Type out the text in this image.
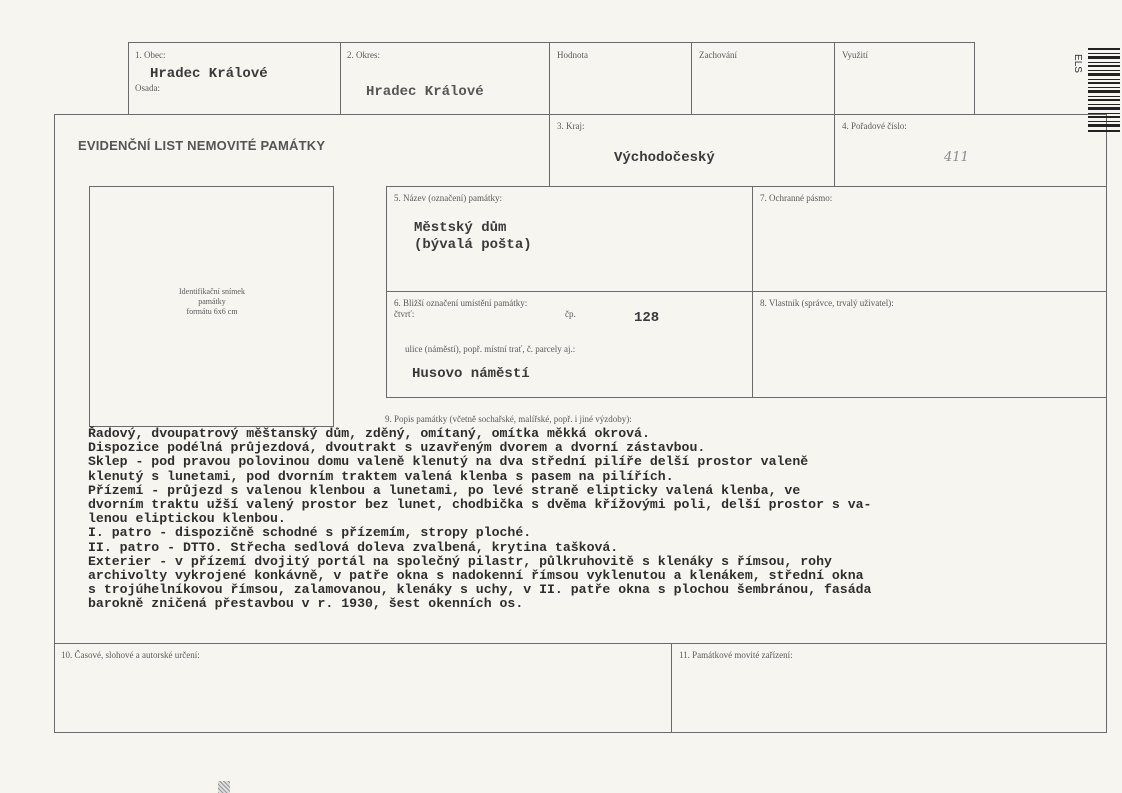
1. Obec:
Hradec Králové
Osada:
2. Okres:
Hradec Králové
Hodnota	Zachování	Využití
EVIDENČNÍ LIST NEMOVITÉ PAMÁTKY
3. Kraj:
Východočeský
4. Pořadové číslo:
411
Identifikační snímek
památky
formátu 6x6 cm
5. Název (označení) památky:
Městský dům
(bývalá pošta)
7. Ochranné pásmo:
6. Bližší označení umístění památky:
čtvrť:	čp.	128
ulice (náměstí), popř. místní trať, č. parcely aj.:
Husovo náměstí
8. Vlastník (správce, trvalý uživatel):
9. Popis památky (včetně sochařské, malířské, popř. i jiné výzdoby):
Řadový, dvoupatrový měštanský dům, zděný, omítaný, omítka měkká okrová.
Dispozice podélná průjezdová, dvoutrakt s uzavřeným dvorem a dvorní zástavbou.
Sklep - pod pravou polovinou domu valeně klenutý na dva střední pilíře delší prostor valeně
klenutý s lunetami, pod dvorním traktem valená klenba s pasem na pilířích.
Přízemí - průjezd s valenou klenbou a lunetami, po levé straně elipticky valená klenba, ve
dvorním traktu užší valený prostor bez lunet, chodbička s dvěma křížovými poli, delší prostor s va-
lenou eliptickou klenbou.
I. patro - dispozičně schodné s přízemím, stropy ploché.
II. patro - DTTO. Střecha sedlová doleva zvalbená, krytina tašková.
Exterier - v přízemí dvojitý portál na společný pilastr, půlkruhovitě s klenáky s římsou, rohy
archivolty vykrojené konkávně, v patře okna s nadokenní římsou vyklenutou a klenákem, střední okna
s trojúhelníkovou římsou, zalamovanou, klenáky s uchy, v II. patře okna s plochou šembránou, fasáda
barokně zničená přestavbou v r. 1930, šest okenních os.
10. Časové, slohové a autorské určení:	11. Památkové movité zařízení:
ELS
